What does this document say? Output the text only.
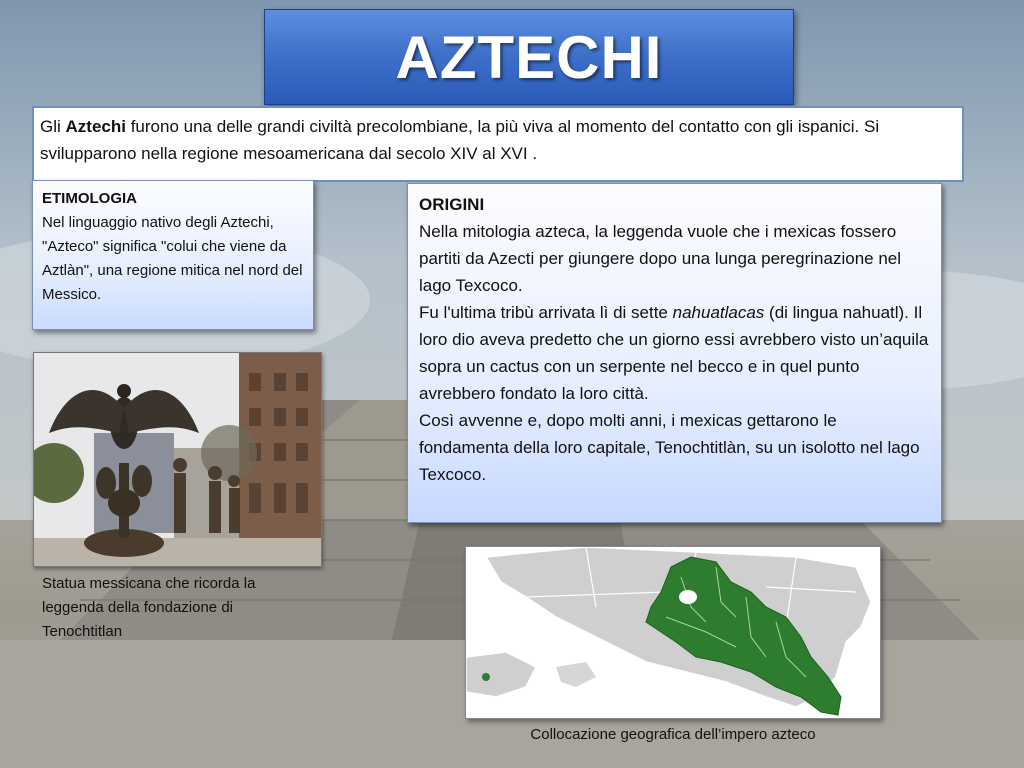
AZTECHI
Gli Aztechi furono una delle grandi civiltà precolombiane, la più viva al momento del contatto con gli ispanici. Si svilupparono nella regione mesoamericana dal secolo XIV al XVI .
ETIMOLOGIA
Nel linguaggio nativo degli Aztechi, "Azteco" significa "colui che viene da Aztlàn", una regione mitica nel nord del Messico.
ORIGINI

Nella mitologia azteca, la leggenda vuole che i mexicas fossero partiti da Azecti per giungere dopo una lunga peregrinazione nel lago Texcoco.

Fu l'ultima tribù arrivata lì di sette nahuatlacas (di lingua nahuatl). Il loro dio aveva predetto che un giorno essi avrebbero visto un’aquila sopra un cactus con un serpente nel becco e in quel punto avrebbero fondato la loro città.

Così avvenne e, dopo molti anni, i mexicas gettarono le fondamenta della loro capitale, Tenochtitlàn, su un isolotto nel lago Texcoco.

Statua messicana che ricorda la leggenda della fondazione di Tenochtitlan
Collocazione geografica dell’impero azteco
